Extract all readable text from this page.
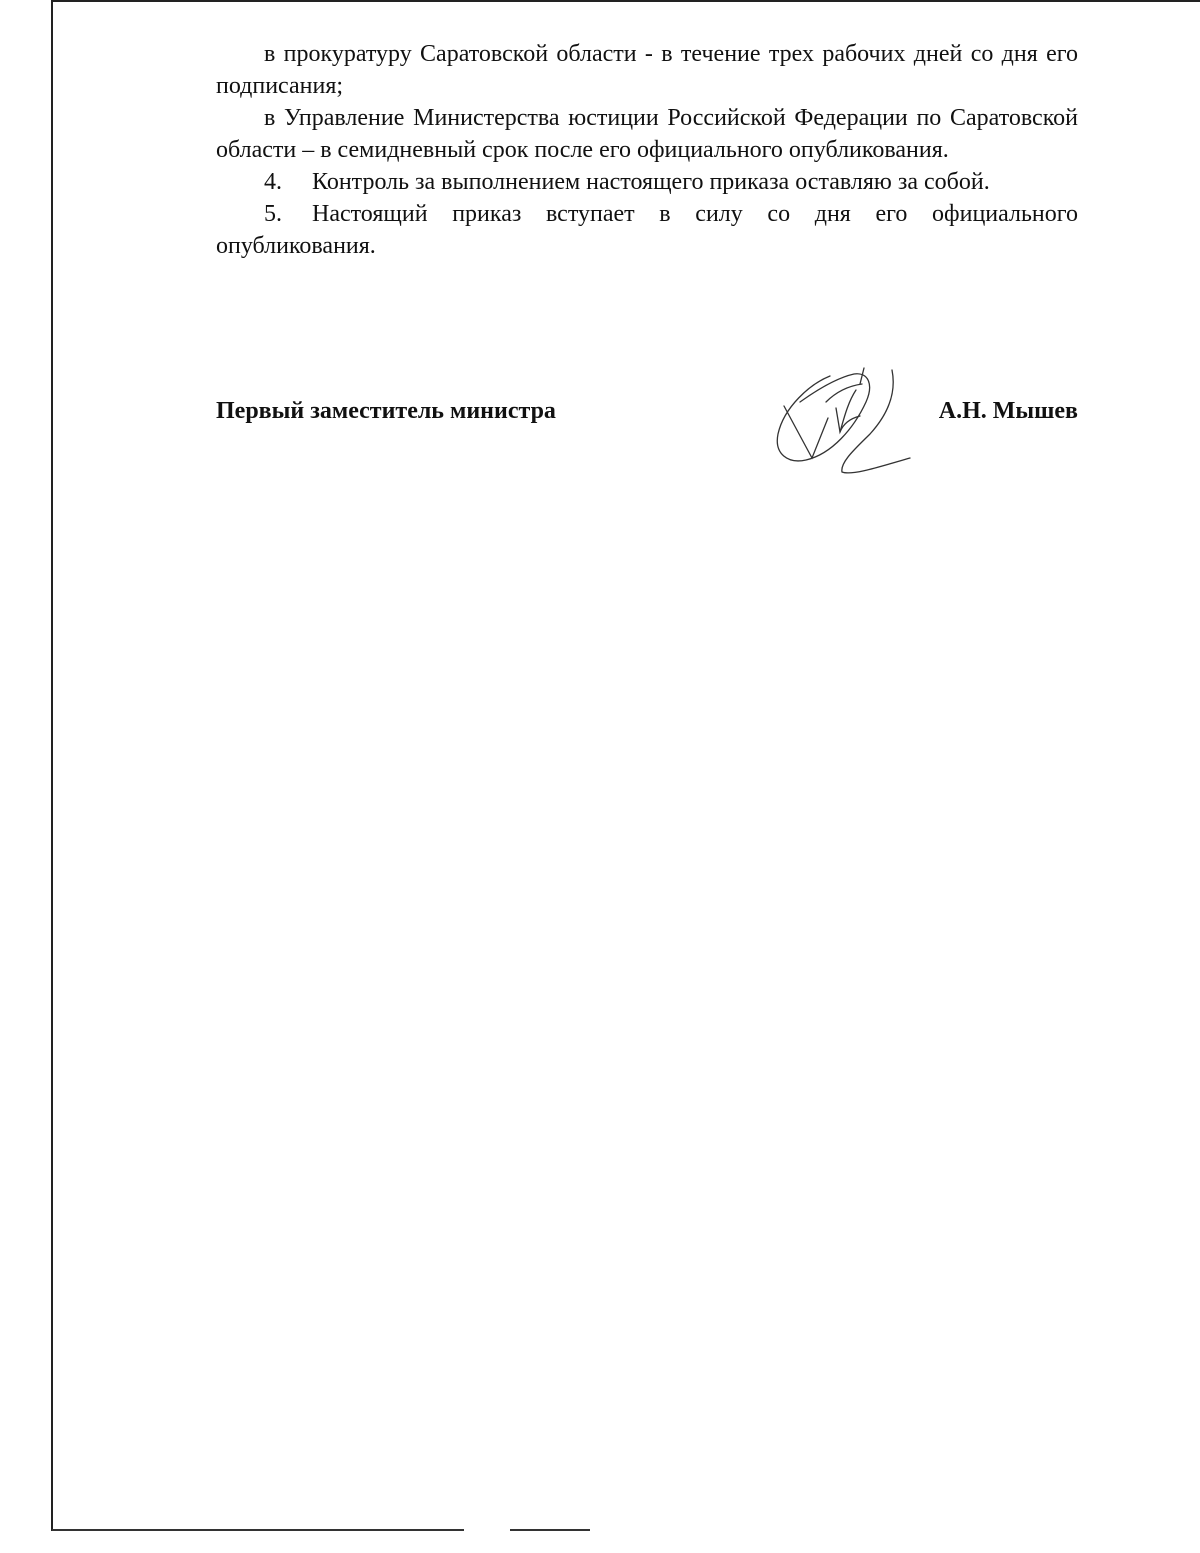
в прокуратуру Саратовской области - в течение трех рабочих дней со дня его подписания;

в Управление Министерства юстиции Российской Федерации по Саратовской области – в семидневный срок после его официального опубликования.

4. Контроль за выполнением настоящего приказа оставляю за собой.

5. Настоящий приказ вступает в силу со дня его официального опубликования.

Первый заместитель министра	А.Н. Мышев
